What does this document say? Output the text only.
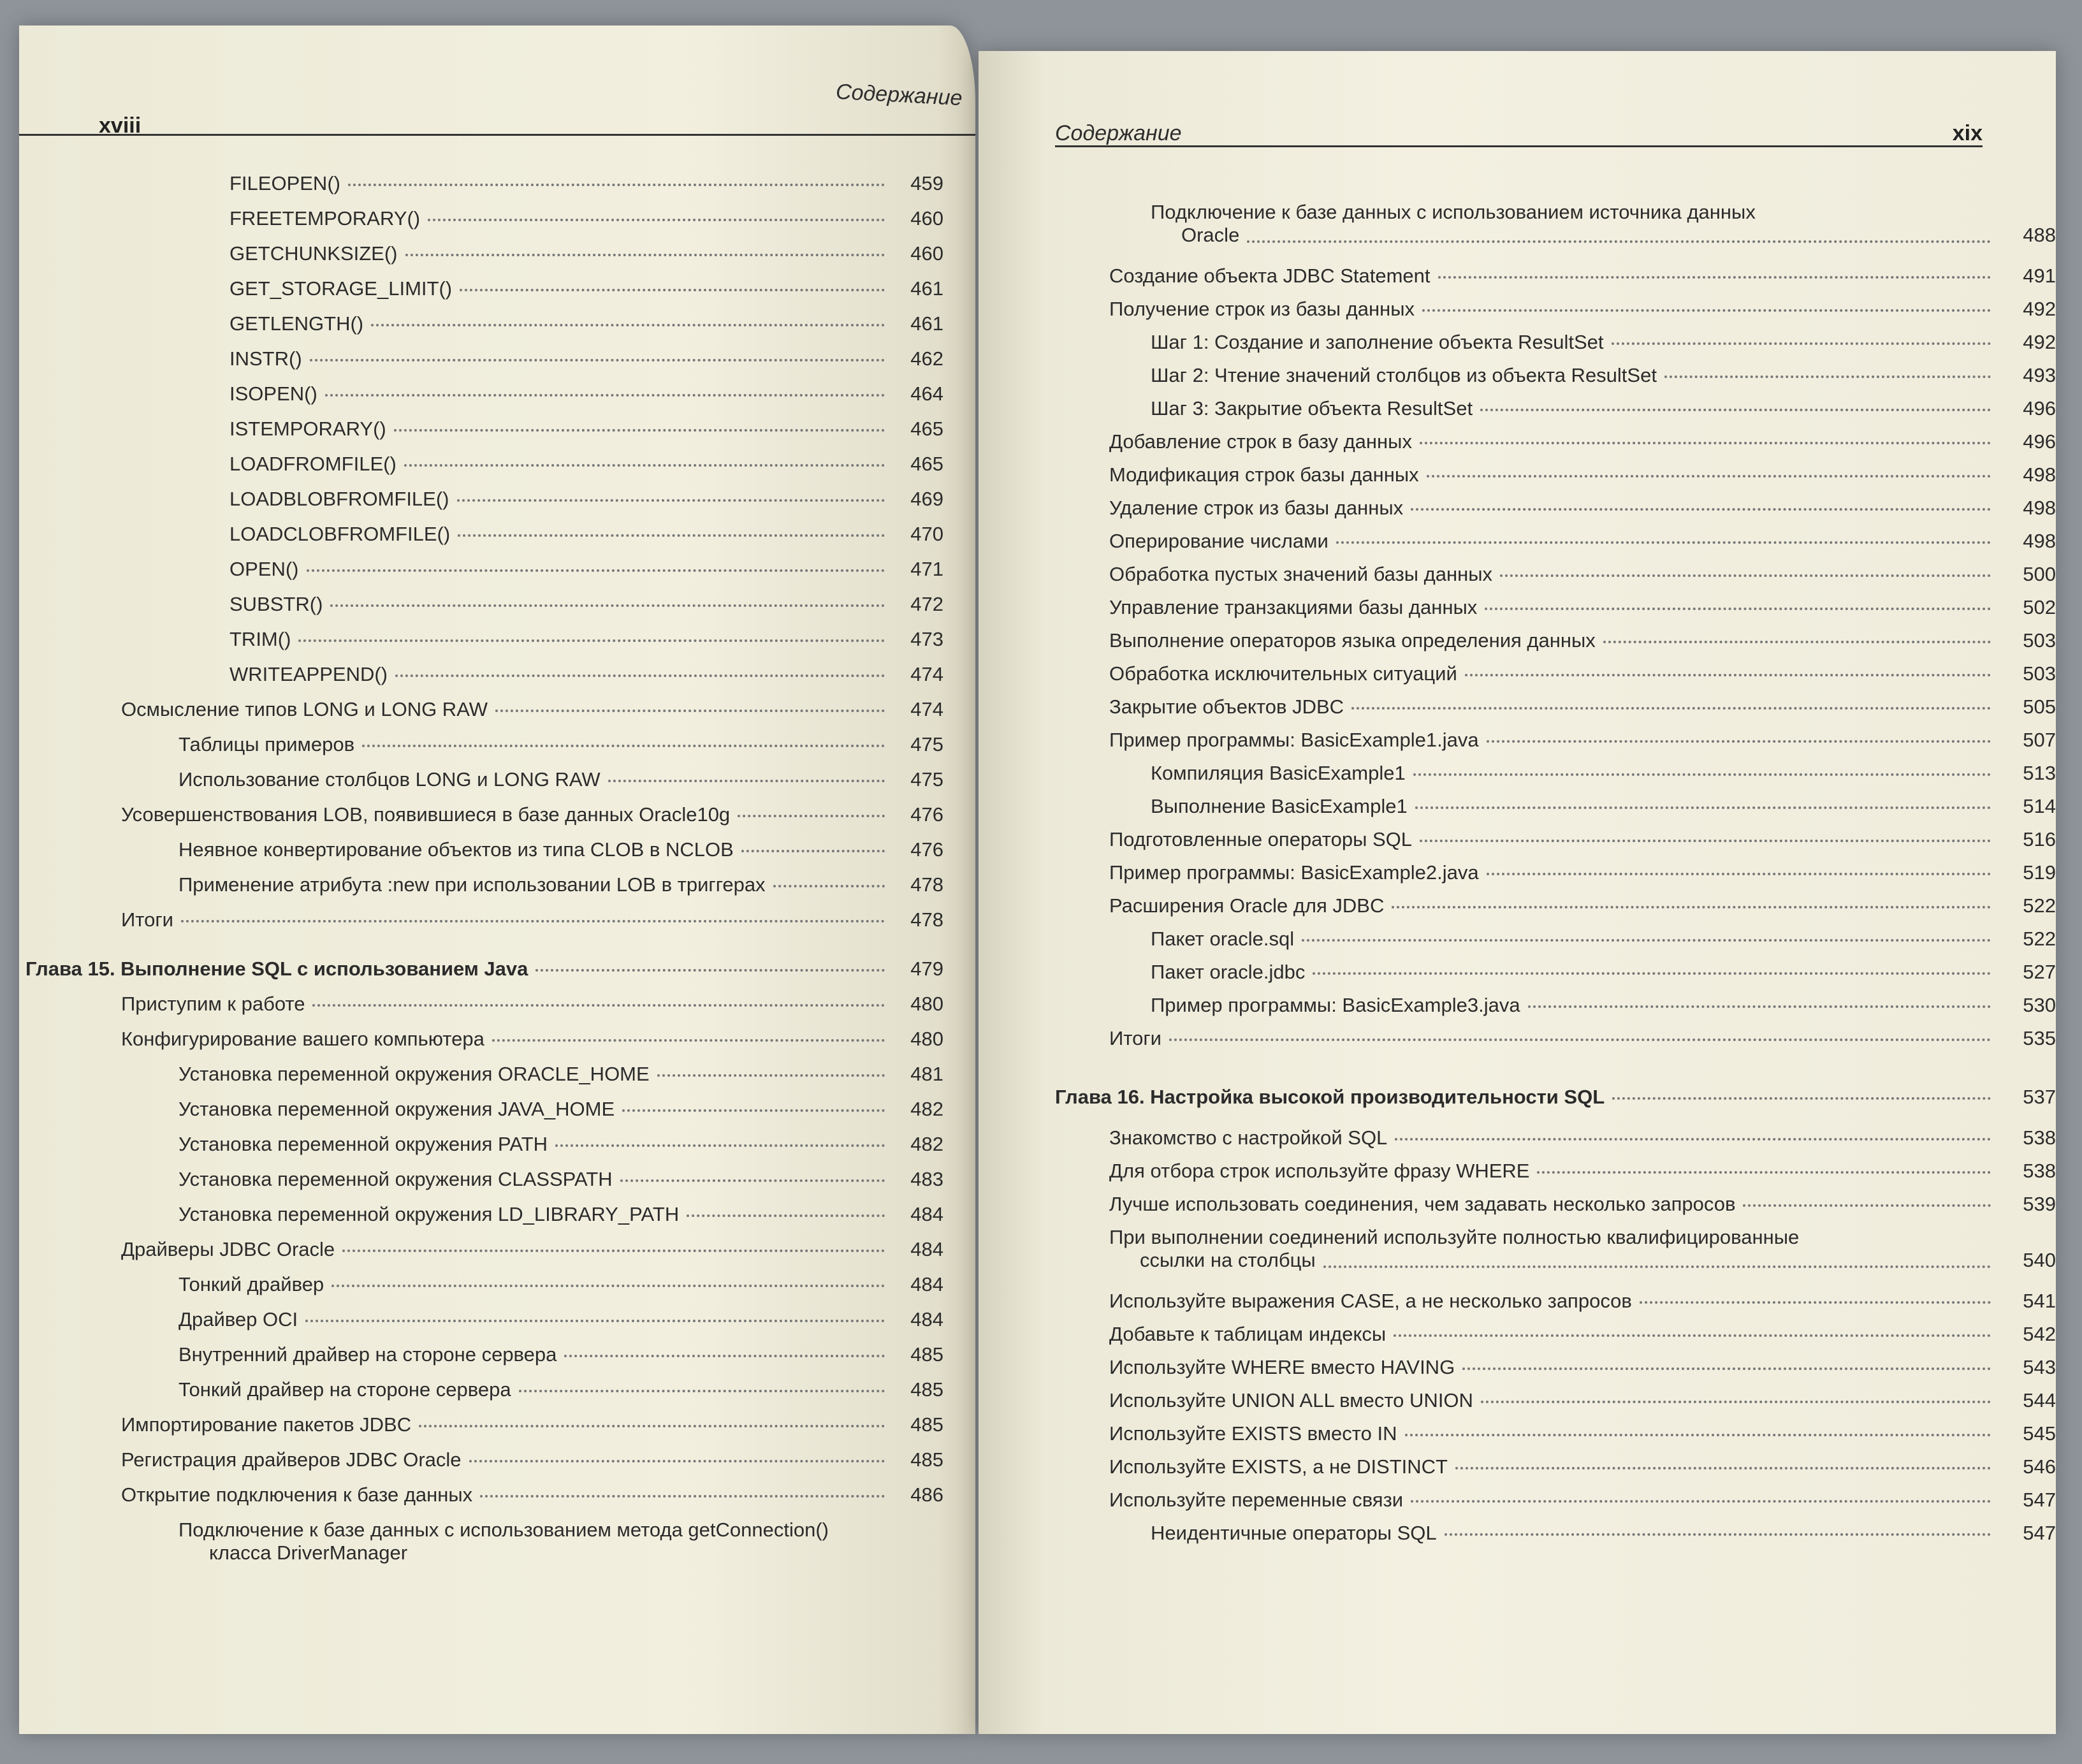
xviii
Содержание
FILEOPEN()	459
FREETEMPORARY()	460
GETCHUNKSIZE()	460
GET_STORAGE_LIMIT()	461
GETLENGTH()	461
INSTR()	462
ISOPEN()	464
ISTEMPORARY()	465
LOADFROMFILE()	465
LOADBLOBFROMFILE()	469
LOADCLOBFROMFILE()	470
OPEN()	471
SUBSTR()	472
TRIM()	473
WRITEAPPEND()	474
Осмысление типов LONG и LONG RAW	474
Таблицы примеров	475
Использование столбцов LONG и LONG RAW	475
Усовершенствования LOB, появившиеся в базе данных Oracle10g	476
Неявное конвертирование объектов из типа CLOB в NCLOB	476
Применение атрибута :new при использовании LOB в триггерах	478
Итоги	478
Глава 15. Выполнение SQL с использованием Java	479
Приступим к работе	480
Конфигурирование вашего компьютера	480
Установка переменной окружения ORACLE_HOME	481
Установка переменной окружения JAVA_HOME	482
Установка переменной окружения PATH	482
Установка переменной окружения CLASSPATH	483
Установка переменной окружения LD_LIBRARY_PATH	484
Драйверы JDBC Oracle	484
Тонкий драйвер	484
Драйвер OCI	484
Внутренний драйвер на стороне сервера	485
Тонкий драйвер на стороне сервера	485
Импортирование пакетов JDBC	485
Регистрация драйверов JDBC Oracle	485
Открытие подключения к базе данных	486
Подключение к базе данных с использованием метода getConnection()
класса DriverManager
Содержание	xix
Подключение к базе данных с использованием источника данных
Oracle	488
Создание объекта JDBC Statement	491
Получение строк из базы данных	492
Шаг 1: Создание и заполнение объекта ResultSet	492
Шаг 2: Чтение значений столбцов из объекта ResultSet	493
Шаг 3: Закрытие объекта ResultSet	496
Добавление строк в базу данных	496
Модификация строк базы данных	498
Удаление строк из базы данных	498
Оперирование числами	498
Обработка пустых значений базы данных	500
Управление транзакциями базы данных	502
Выполнение операторов языка определения данных	503
Обработка исключительных ситуаций	503
Закрытие объектов JDBC	505
Пример программы: BasicExample1.java	507
Компиляция BasicExample1	513
Выполнение BasicExample1	514
Подготовленные операторы SQL	516
Пример программы: BasicExample2.java	519
Расширения Oracle для JDBC	522
Пакет oracle.sql	522
Пакет oracle.jdbc	527
Пример программы: BasicExample3.java	530
Итоги	535
Глава 16. Настройка высокой производительности SQL	537
Знакомство с настройкой SQL	538
Для отбора строк используйте фразу WHERE	538
Лучше использовать соединения, чем задавать несколько запросов	539
При выполнении соединений используйте полностью квалифицированные
ссылки на столбцы	540
Используйте выражения CASE, а не несколько запросов	541
Добавьте к таблицам индексы	542
Используйте WHERE вместо HAVING	543
Используйте UNION ALL вместо UNION	544
Используйте EXISTS вместо IN	545
Используйте EXISTS, а не DISTINCT	546
Используйте переменные связи	547
Неидентичные операторы SQL	547
